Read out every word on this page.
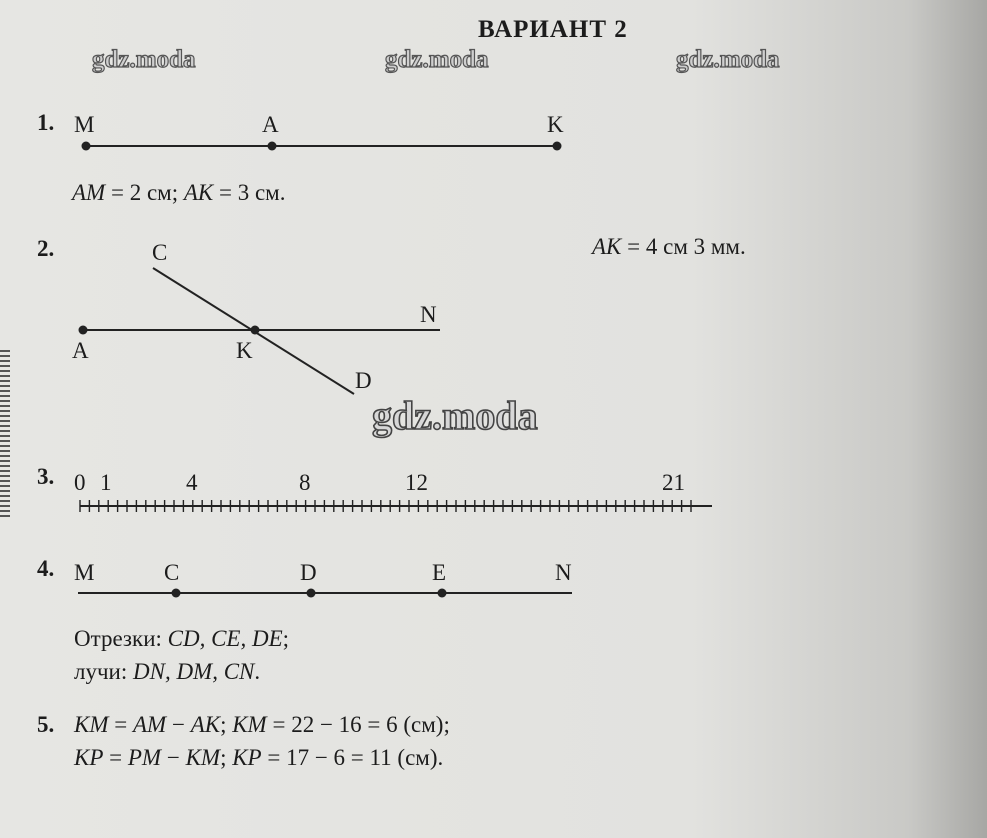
ВАРИАНТ 2
gdz.moda	gdz.moda	gdz.moda
gdz.moda
1. M	A	K
AM = 2 см; AK = 3 см.
2.	C
N
A	K
D
AK = 4 см 3 мм.
3. 0 1	4	8	12	21
4. M	C	D	E	N
Отрезки: CD, CE, DE;
лучи: DN, DM, CN.
5. KM = AM − AK; KM = 22 − 16 = 6 (см);
KP = PM − KM; KP = 17 − 6 = 11 (см).
